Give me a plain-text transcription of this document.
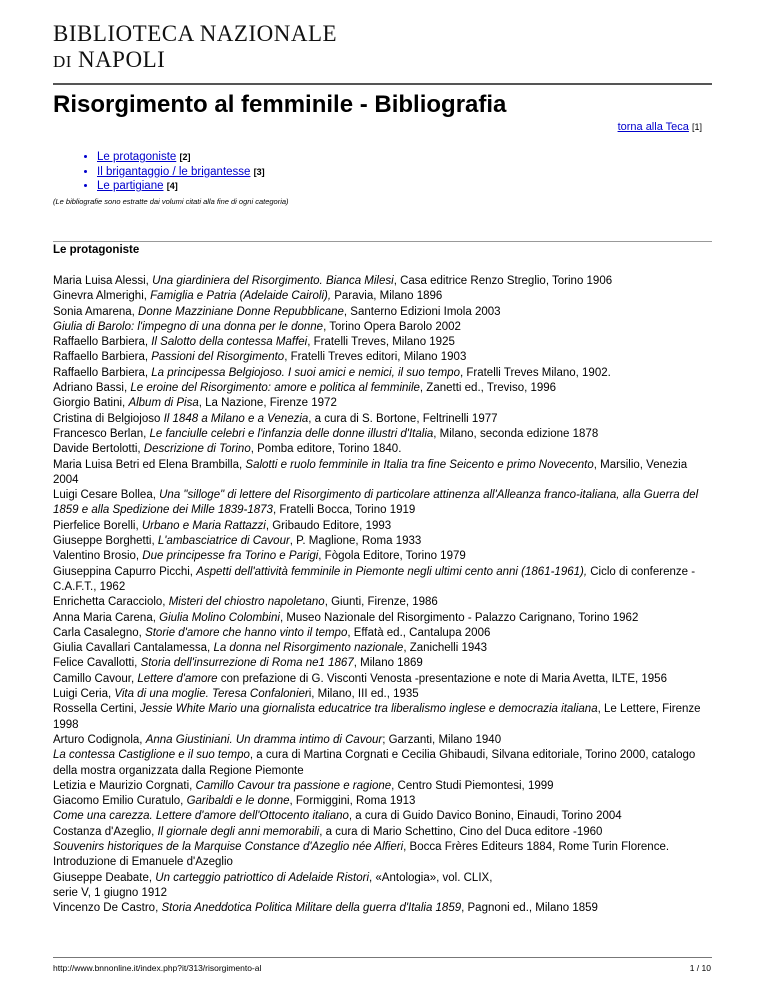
BIBLIOTECA NAZIONALE
DI NAPOLI
Risorgimento al femminile - Bibliografia
torna alla Teca [1]
• Le protagoniste [2]
• Il brigantaggio / le brigantesse [3]
• Le partigiane [4]
(Le bibliografie sono estratte dai volumi citati alla fine di ogni categoria)
Le protagoniste
Maria Luisa Alessi, Una giardiniera del Risorgimento. Bianca Milesi, Casa editrice Renzo Streglio, Torino 1906
Ginevra Almerighi, Famiglia e Patria (Adelaide Cairoli), Paravia, Milano 1896
Sonia Amarena, Donne Mazziniane Donne Repubblicane, Santerno Edizioni Imola 2003
Giulia di Barolo: l'impegno di una donna per le donne, Torino Opera Barolo 2002
Raffaello Barbiera, Il Salotto della contessa Maffei, Fratelli Treves, Milano 1925
Raffaello Barbiera, Passioni del Risorgimento, Fratelli Treves editori, Milano 1903
Raffaello Barbiera, La principessa Belgiojoso. I suoi amici e nemici, il suo tempo, Fratelli Treves Milano, 1902.
Adriano Bassi, Le eroine del Risorgimento: amore e politica al femminile, Zanetti ed., Treviso, 1996
Giorgio Batini, Album di Pisa, La Nazione, Firenze 1972
Cristina di Belgiojoso Il 1848 a Milano e a Venezia, a cura di S. Bortone, Feltrinelli 1977
Francesco Berlan, Le fanciulle celebri e l'infanzia delle donne illustri d'Italia, Milano, seconda edizione 1878
Davide Bertolotti, Descrizione di Torino, Pomba editore, Torino 1840.
Maria Luisa Betri ed Elena Brambilla, Salotti e ruolo femminile in Italia tra fine Seicento e primo Novecento, Marsilio, Venezia 2004
Luigi Cesare Bollea, Una "silloge" di lettere del Risorgimento di particolare attinenza all'Alleanza franco-italiana, alla Guerra del 1859 e alla Spedizione dei Mille 1839-1873, Fratelli Bocca, Torino 1919
Pierfelice Borelli, Urbano e Maria Rattazzi, Gribaudo Editore, 1993
Giuseppe Borghetti, L'ambasciatrice di Cavour, P. Maglione, Roma 1933
Valentino Brosio, Due principesse fra Torino e Parigi, Fògola Editore, Torino 1979
Giuseppina Capurro Picchi, Aspetti dell'attività femminile in Piemonte negli ultimi cento anni (1861-1961), Ciclo di conferenze - C.A.F.T., 1962
Enrichetta Caracciolo, Misteri del chiostro napoletano, Giunti, Firenze, 1986
Anna Maria Carena, Giulia Molino Colombini, Museo Nazionale del Risorgimento - Palazzo Carignano, Torino 1962
Carla Casalegno, Storie d'amore che hanno vinto il tempo, Effatà ed., Cantalupa 2006
Giulia Cavallari Cantalamessa, La donna nel Risorgimento nazionale, Zanichelli 1943
Felice Cavallotti, Storia dell'insurrezione di Roma ne1 1867, Milano 1869
Camillo Cavour, Lettere d'amore con prefazione di G. Visconti Venosta -presentazione e note di Maria Avetta, ILTE, 1956
Luigi Ceria, Vita di una moglie. Teresa Confalonieri, Milano, III ed., 1935
Rossella Certini, Jessie White Mario una giornalista educatrice tra liberalismo inglese e democrazia italiana, Le Lettere, Firenze 1998
Arturo Codignola, Anna Giustiniani. Un dramma intimo di Cavour; Garzanti, Milano 1940
La contessa Castiglione e il suo tempo, a cura di Martina Corgnati e Cecilia Ghibaudi, Silvana editoriale, Torino 2000, catalogo della mostra organizzata dalla Regione Piemonte
Letizia e Maurizio Corgnati, Camillo Cavour tra passione e ragione, Centro Studi Piemontesi, 1999
Giacomo Emilio Curatulo, Garibaldi e le donne, Formiggini, Roma 1913
Come una carezza. Lettere d'amore dell'Ottocento italiano, a cura di Guido Davico Bonino, Einaudi, Torino 2004
Costanza d'Azeglio, Il giornale degli anni memorabili, a cura di Mario Schettino, Cino del Duca editore -1960
Souvenirs historiques de la Marquise Constance d'Azeglio née Alfieri, Bocca Frères Editeurs 1884, Rome Turin Florence. Introduzione di Emanuele d'Azeglio
Giuseppe Deabate, Un carteggio patriottico di Adelaide Ristori, «Antologia», vol. CLIX,
serie V, 1 giugno 1912
Vincenzo De Castro, Storia Aneddotica Politica Militare della guerra d'Italia 1859, Pagnoni ed., Milano 1859
http://www.bnnonline.it/index.php?it/313/risorgimento-al	1 / 10
